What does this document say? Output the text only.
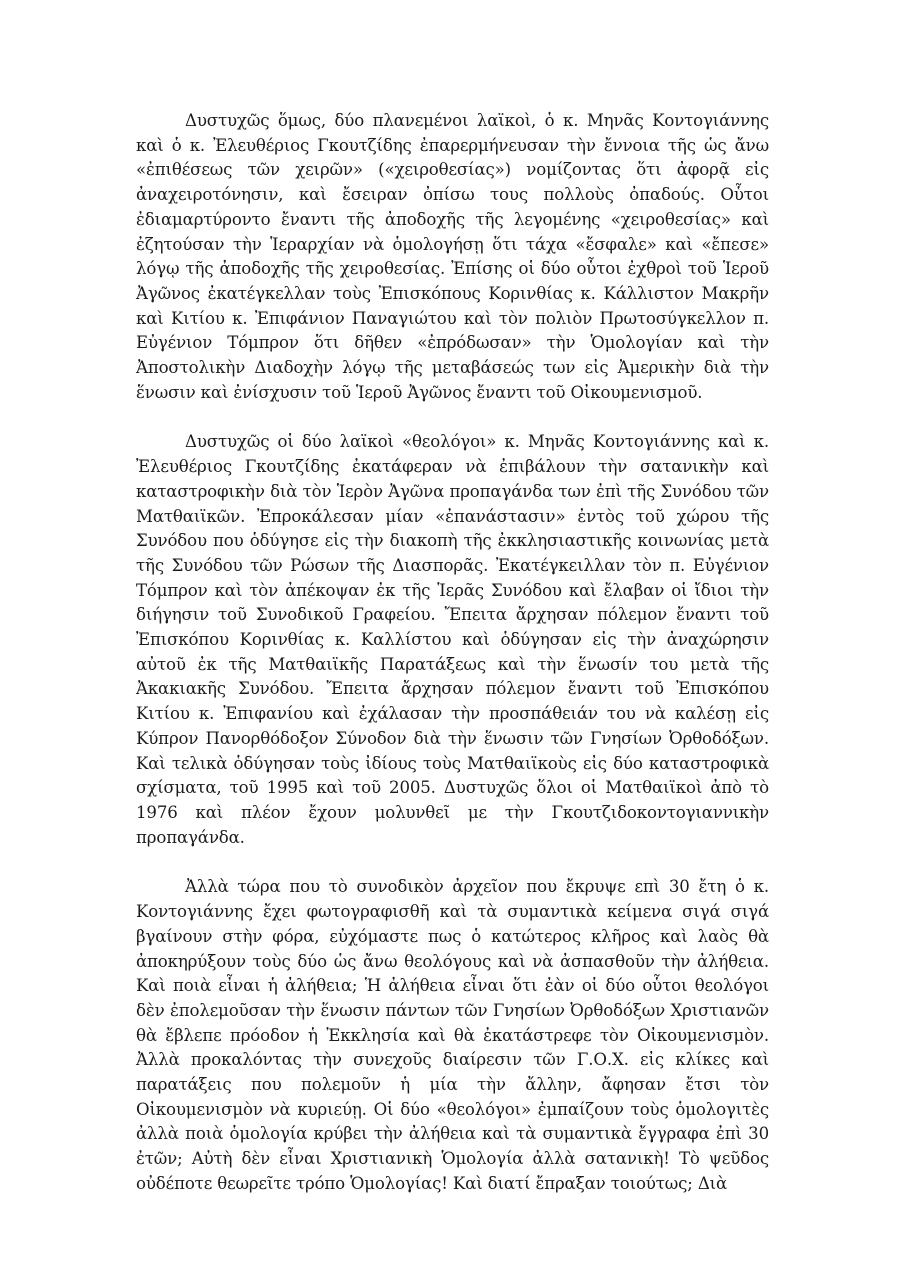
Δυστυχῶς ὅμως, δύο πλανεμένοι λαϊκοὶ, ὁ κ. Μηνᾶς Κοντογιάννης καὶ ὁ κ. Ἐλευθέριος Γκουτζίδης ἐπαρερμήνευσαν τὴν ἔννοια τῆς ὡς ἄνω «ἐπιθέσεως τῶν χειρῶν» («χειροθεσίας») νομίζοντας ὅτι ἀφορᾷ εἰς ἀναχειροτόνησιν, καὶ ἔσειραν ὀπίσω τους πολλοὺς ὀπαδούς. Οὗτοι ἐδιαμαρτύροντο ἔναντι τῆς ἀποδοχῆς τῆς λεγομένης «χειροθεσίας» καὶ ἐζητούσαν τὴν Ἱεραρχίαν νὰ ὁμολογήσῃ ὅτι τάχα «ἔσφαλε» καὶ «ἔπεσε» λόγῳ τῆς ἀποδοχῆς τῆς χειροθεσίας. Ἐπίσης οἱ δύο οὗτοι ἐχθροὶ τοῦ Ἱεροῦ Ἀγῶνος ἐκατέγκελλαν τοὺς Ἐπισκόπους Κορινθίας κ. Κάλλιστον Μακρῆν καὶ Κιτίου κ. Ἐπιφάνιον Παναγιώτου καὶ τὸν πολιὸν Πρωτοσύγκελλον π. Εὐγένιον Τόμπρον ὅτι δῆθεν «ἐπρόδωσαν» τὴν Ὁμολογίαν καὶ τὴν Ἀποστολικὴν Διαδοχὴν λόγῳ τῆς μεταβάσεώς των εἰς Ἀμερικὴν διὰ τὴν ἕνωσιν καὶ ἐνίσχυσιν τοῦ Ἱεροῦ Ἀγῶνος ἔναντι τοῦ Οἰκουμενισμοῦ.

Δυστυχῶς οἱ δύο λαϊκοὶ «θεολόγοι» κ. Μηνᾶς Κοντογιάννης καὶ κ. Ἐλευθέριος Γκουτζίδης ἐκατάφεραν νὰ ἐπιβάλουν τὴν σατανικὴν καὶ καταστροφικὴν διὰ τὸν Ἱερὸν Ἀγῶνα προπαγάνδα των ἐπὶ τῆς Συνόδου τῶν Ματθαιϊκῶν. Ἐπροκάλεσαν μίαν «ἐπανάστασιν» ἐντὸς τοῦ χώρου τῆς Συνόδου που ὁδύγησε εἰς τὴν διακοπὴ τῆς ἐκκλησιαστικῆς κοινωνίας μετὰ τῆς Συνόδου τῶν Ρώσων τῆς Διασπορᾶς. Ἐκατέγκειλλαν τὸν π. Εὐγένιον Τόμπρον καὶ τὸν ἀπέκοψαν ἐκ τῆς Ἱερᾶς Συνόδου καὶ ἔλαβαν οἱ ἴδιοι τὴν διήγησιν τοῦ Συνοδικοῦ Γραφείου. Ἔπειτα ἄρχησαν πόλεμον ἔναντι τοῦ Ἐπισκόπου Κορινθίας κ. Καλλίστου καὶ ὁδύγησαν εἰς τὴν ἀναχώρησιν αὐτοῦ ἐκ τῆς Ματθαιϊκῆς Παρατάξεως καὶ τὴν ἕνωσίν του μετὰ τῆς Ἀκακιακῆς Συνόδου. Ἔπειτα ἄρχησαν πόλεμον ἔναντι τοῦ Ἐπισκόπου Κιτίου κ. Ἐπιφανίου καὶ ἐχάλασαν τὴν προσπάθειάν του νὰ καλέσῃ εἰς Κύπρον Πανορθόδοξον Σύνοδον διὰ τὴν ἕνωσιν τῶν Γνησίων Ὀρθοδόξων. Καὶ τελικὰ ὁδύγησαν τοὺς ἰδίους τοὺς Ματθαιϊκοὺς εἰς δύο καταστροφικὰ σχίσματα, τοῦ 1995 καὶ τοῦ 2005. Δυστυχῶς ὅλοι οἱ Ματθαιϊκοὶ ἀπὸ τὸ 1976 καὶ πλέον ἔχουν μολυνθεῖ με τὴν Γκουτζιδοκοντογιαννικὴν προπαγάνδα.

Ἀλλὰ τώρα που τὸ συνοδικὸν ἀρχεῖον που ἔκρυψε επὶ 30 ἔτη ὁ κ. Κοντογιάννης ἔχει φωτογραφισθῆ καὶ τὰ συμαντικὰ κείμενα σιγά σιγά βγαίνουν στὴν φόρα, εὐχόμαστε πως ὁ κατώτερος κλῆρος καὶ λαὸς θὰ ἀποκηρύξουν τοὺς δύο ὡς ἄνω θεολόγους καὶ νὰ ἀσπασθοῦν τὴν ἀλήθεια. Καὶ ποιὰ εἶναι ἡ ἀλήθεια; Ἡ ἀλήθεια εἶναι ὅτι ἐὰν οἱ δύο οὗτοι θεολόγοι δὲν ἐπολεμοῦσαν τὴν ἕνωσιν πάντων τῶν Γνησίων Ὀρθοδόξων Χριστιανῶν θὰ ἔβλεπε πρόοδον ἡ Ἐκκλησία καὶ θὰ ἐκατάστρεφε τὸν Οἰκουμενισμὸν. Ἀλλὰ προκαλόντας τὴν συνεχοῦς διαίρεσιν τῶν Γ.Ο.Χ. εἰς κλίκες καὶ παρατάξεις που πολεμοῦν ἡ μία τὴν ἄλλην, ἄφησαν ἔτσι τὸν Οἰκουμενισμὸν νὰ κυριεύῃ. Οἱ δύο «θεολόγοι» ἐμπαίζουν τοὺς ὁμολογιτὲς ἀλλὰ ποιὰ ὁμολογία κρύβει τὴν ἀλήθεια καὶ τὰ συμαντικὰ ἔγγραφα ἐπὶ 30 ἐτῶν; Αὐτὴ δὲν εἶναι Χριστιανικὴ Ὁμολογία ἀλλὰ σατανικὴ! Τὸ ψεῦδος οὐδέποτε θεωρεῖτε τρόπο Ὁμολογίας! Καὶ διατί ἔπραξαν τοιούτως; Διὰ
